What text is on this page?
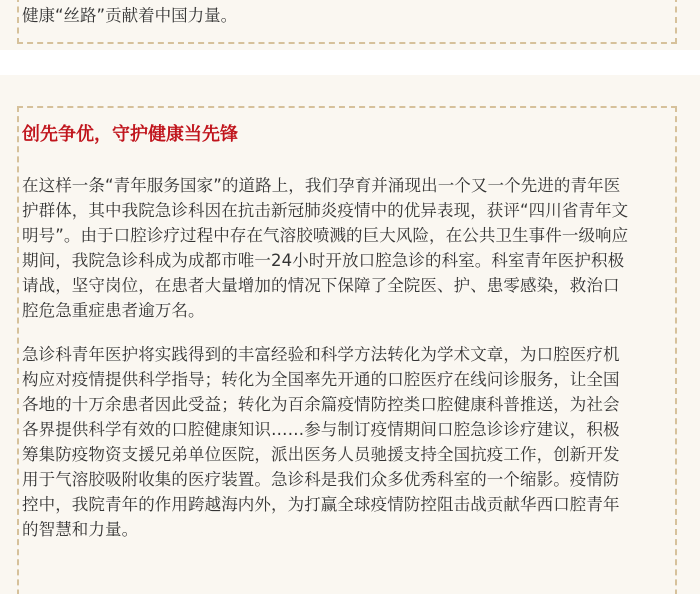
健康“丝路”贡献着中国力量。
创先争优，守护健康当先锋
在这样一条“青年服务国家”的道路上，我们孕育并涌现出一个又一个先进的青年医
护群体，其中我院急诊科因在抗击新冠肺炎疫情中的优异表现，获评“四川省青年文
明号”。由于口腔诊疗过程中存在气溶胶喷溅的巨大风险，在公共卫生事件一级响应
期间，我院急诊科成为成都市唯一24小时开放口腔急诊的科室。科室青年医护积极
请战，坚守岗位，在患者大量增加的情况下保障了全院医、护、患零感染，救治口
腔危急重症患者逾万名。
急诊科青年医护将实践得到的丰富经验和科学方法转化为学术文章，为口腔医疗机
构应对疫情提供科学指导；转化为全国率先开通的口腔医疗在线问诊服务，让全国
各地的十万余患者因此受益；转化为百余篇疫情防控类口腔健康科普推送，为社会
各界提供科学有效的口腔健康知识……参与制订疫情期间口腔急诊诊疗建议，积极
筹集防疫物资支援兄弟单位医院，派出医务人员驰援支持全国抗疫工作，创新开发
用于气溶胶吸附收集的医疗装置。急诊科是我们众多优秀科室的一个缩影。疫情防
控中，我院青年的作用跨越海内外，为打赢全球疫情防控阻击战贡献华西口腔青年
的智慧和力量。
